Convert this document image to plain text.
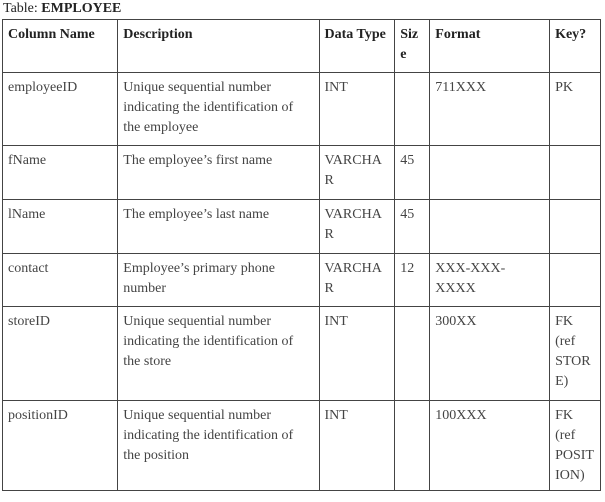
Table: EMPLOYEE
Column Name	Description	Data Type	Size	Format	Key?
employeeID	Unique sequential number indicating the identification of the employee	INT		711XXX	PK
fName	The employee’s first name	VARCHAR	45		
lName	The employee’s last name	VARCHAR	45		
contact	Employee’s primary phone number	VARCHAR	12	XXX-XXX-XXXX	
storeID	Unique sequential number indicating the identification of the store	INT		300XX	FK (ref STORE)
positionID	Unique sequential number indicating the identification of the position	INT		100XXX	FK (ref POSITION)
